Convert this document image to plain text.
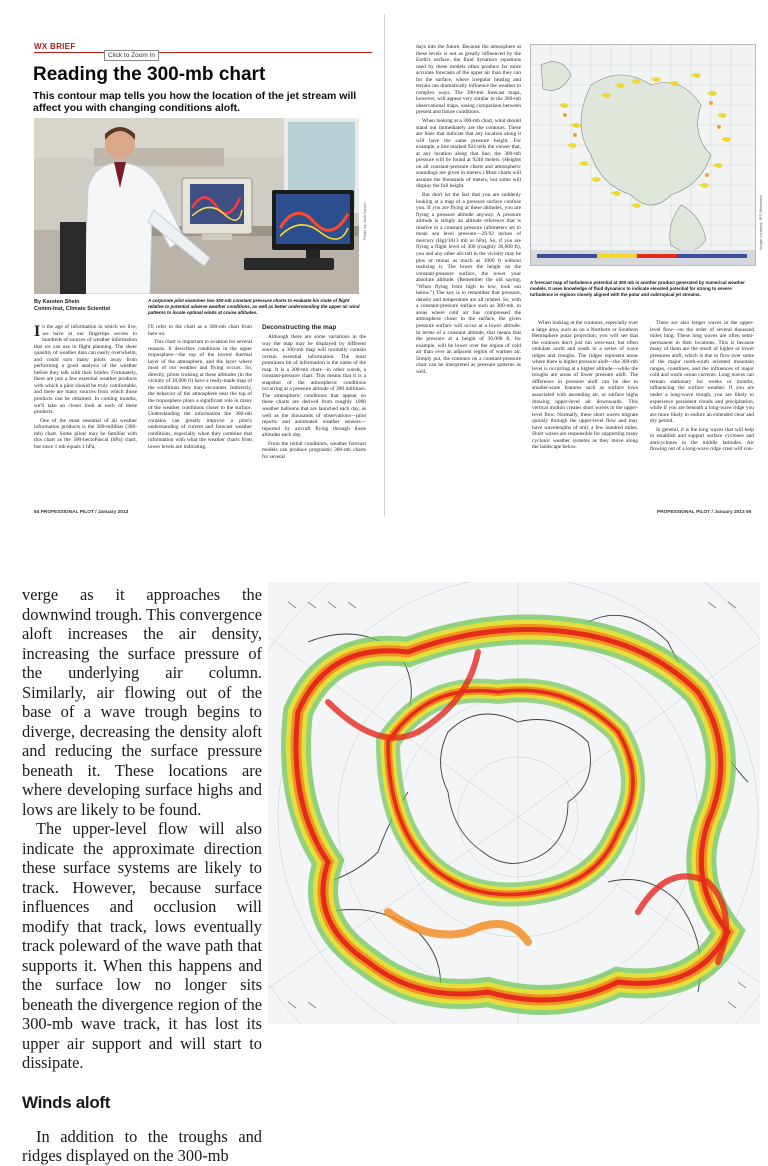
WX BRIEF
Click to Zoom In
Reading the 300-mb chart
This contour map tells you how the location of the jet stream will affect you with changing conditions aloft.
Photo by Jack Dyson
By Karsten Shein
Comm-Inst, Climate Scientist
A corporate pilot examines two 300-mb constant pressure charts to evaluate his route of flight relative to potential adverse weather conditions, as well as better understanding the upper air wind patterns to locate optimal winds at cruise altitudes.

In the age of information in which we live, we have at our fingertips access to hundreds of sources of weather information that we can use in flight planning. The sheer quantity of weather data can easily overwhelm, and could turn many pilots away from performing a good analysis of the weather before they talk with their briefer. Fortunately, there are just a few essential weather products with which a pilot should be truly comfortable, and there are many sources from which those products can be obtained. In coming months, we'll take an closer look at each of these products.

One of the most essential of all weather information products is the 300-millibar (300-mb) chart. Some pilots may be familiar with this chart as the 300-hectoPascal (hPa) chart, but since 1 mb equals 1 hPa,

I'll refer to the chart as a 300-mb chart from here on.

This chart is important to aviation for several reasons. It describes conditions in the upper troposphere—the top of the lowest thermal layer of the atmosphere, and the layer where most of our weather and flying occurs. So, directly, pilots cruising at these altitudes (in the vicinity of 30,000 ft) have a ready-made map of the conditions they may encounter. Indirectly, the behavior of the atmosphere near the top of the troposphere plays a significant role in many of the weather conditions closer to the surface. Understanding the information the 300-mb contains can greatly improve a pilot's understanding of current and forecast weather conditions, especially when they combine that information with what the weather charts from lower levels are indicating.

Deconstructing the map

Although there are some variations in the way the map may be displayed by different sources, a 300-mb map will normally contain certain essential information. The most prominent bit of information is the name of the map. It is a 300-mb chart—in other words, a constant-pressure chart. This means that it is a snapshot of the atmospheric conditions occurring at a pressure altitude of 300 millibars. The atmospheric conditions that appear on these charts are derived from roughly 1000 weather balloons that are launched each day, as well as the thousands of observations—pilot reports and automated weather sensors—reported by aircraft flying through those altitudes each day.

From the initial conditions, weather forecast models can produce prognostic 300-mb charts for several

days into the future. Because the atmosphere at these levels is not as greatly influenced by the Earth's surface, the fluid dynamics equations used by these models often produce far more accurate forecasts of the upper air than they can for the surface, where irregular heating and terrain can dramatically influence the weather in complex ways. The 300-mb forecast maps, however, will appear very similar to the 300-mb observational maps, easing comparison between present and future conditions.

When looking at a 300-mb chart, what should stand out immediately are the contours. These are lines that indicate that any location along it will have the same pressure height. For example, a line marked 924 tells the viewer that, at any location along that line, the 300-mb pressure will be found at 9240 meters. (Heights on all constant-pressure charts and atmospheric soundings are given in meters.) Most charts will assume the thousands of meters, but some will display the full height.

But don't let the fact that you are suddenly looking at a map of a pressure surface confuse you. If you are flying at these altitudes, you are flying a pressure altitude anyway. A pressure altitude is simply an altitude reference that is relative to a constant pressure (altimeters set to mean sea level pressure—29.92 inches of mercury (Hg)/1013 mb or hPa). So, if you are flying a flight level of 300 (roughly 30,000 ft), you and any other aircraft in the vicinity may be plus or minus as much as 1000 ft without realizing it. The lower the height on the constant-pressure surface, the lower your absolute altitude. (Remember the old saying, "When flying from high to low, look out below.") The key is to remember that pressure, density and temperature are all related. So, with a constant-pressure surface such as 300-mb, in areas where cold air has compressed the atmosphere closer to the surface, the given pressure surface will occur at a lower altitude. In terms of a constant altitude, that means that the pressure at a height of 30,000 ft, for example, will be lower over the region of cold air than over an adjacent region of warmer air. Simply put, the contours on a constant-pressure chart can be interpreted as pressure patterns as well.

Image courtesy: IPS Meteostar
A forecast map of turbulence potential at 300 mb is another product generated by numerical weather models. It uses knowledge of fluid dynamics to indicate elevated potential for strong to severe turbulence in regions closely aligned with the polar and subtropical jet streams.

When looking at the contours, especially over a large area, such as on a Northern or Southern Hemisphere polar projection, you will see that the contours don't just run west-east, but often undulate north and south in a series of wave ridges and troughs. The ridges represent areas where there is higher pressure aloft—the 300-mb level is occurring at a higher altitude—while the troughs are areas of lower pressure aloft. The difference in pressure aloft can be due to smaller-scale features such as surface lows associated with ascending air, or surface highs drawing upper-level air downwards. This vertical motion creates short waves in the upper-level flow. Normally, these short waves migrate quickly through the upper-level flow and may have wavelengths of only a few hundred miles. Short waves are responsible for supporting many cyclonic weather systems as they move along the landscape below.

There are also longer waves in the upper-level flow—on the order of several thousand miles long. These long waves are often semi-permanent in their locations. This is because many of them are the result of higher or lower pressures aloft, which is due to flow over some of the major north-south oriented mountain ranges, coastlines, and the influences of major cold and warm ocean currents. Long waves can remain stationary for weeks or months, influencing the surface weather. If you are under a long-wave trough, you are likely to experience persistent clouds and precipitation, while if you are beneath a long-wave ridge you are more likely to endure an extended clear and dry period.

In general, it is the long waves that will help to establish and support surface cyclones and anticyclones in the middle latitudes. Air flowing out of a long-wave ridge crest will con-

54 PROFESSIONAL PILOT / January 2013	PROFESSIONAL PILOT / January 2013 55

verge as it approaches the downwind trough. This convergence aloft increases the air density, increasing the surface pressure of the underlying air column. Similarly, air flowing out of the base of a wave trough begins to diverge, decreasing the density aloft and reducing the surface pressure beneath it. These locations are where developing surface highs and lows are likely to be found.

The upper-level flow will also indicate the approximate direction these surface systems are likely to track. However, because surface influences and occlusion will modify that track, lows eventually track poleward of the wave path that supports it. When this happens and the surface low no longer sits beneath the divergence region of the 300-mb wave track, it has lost its upper air support and will start to dissipate.

Winds aloft

In addition to the troughs and ridges displayed on the 300-mb
